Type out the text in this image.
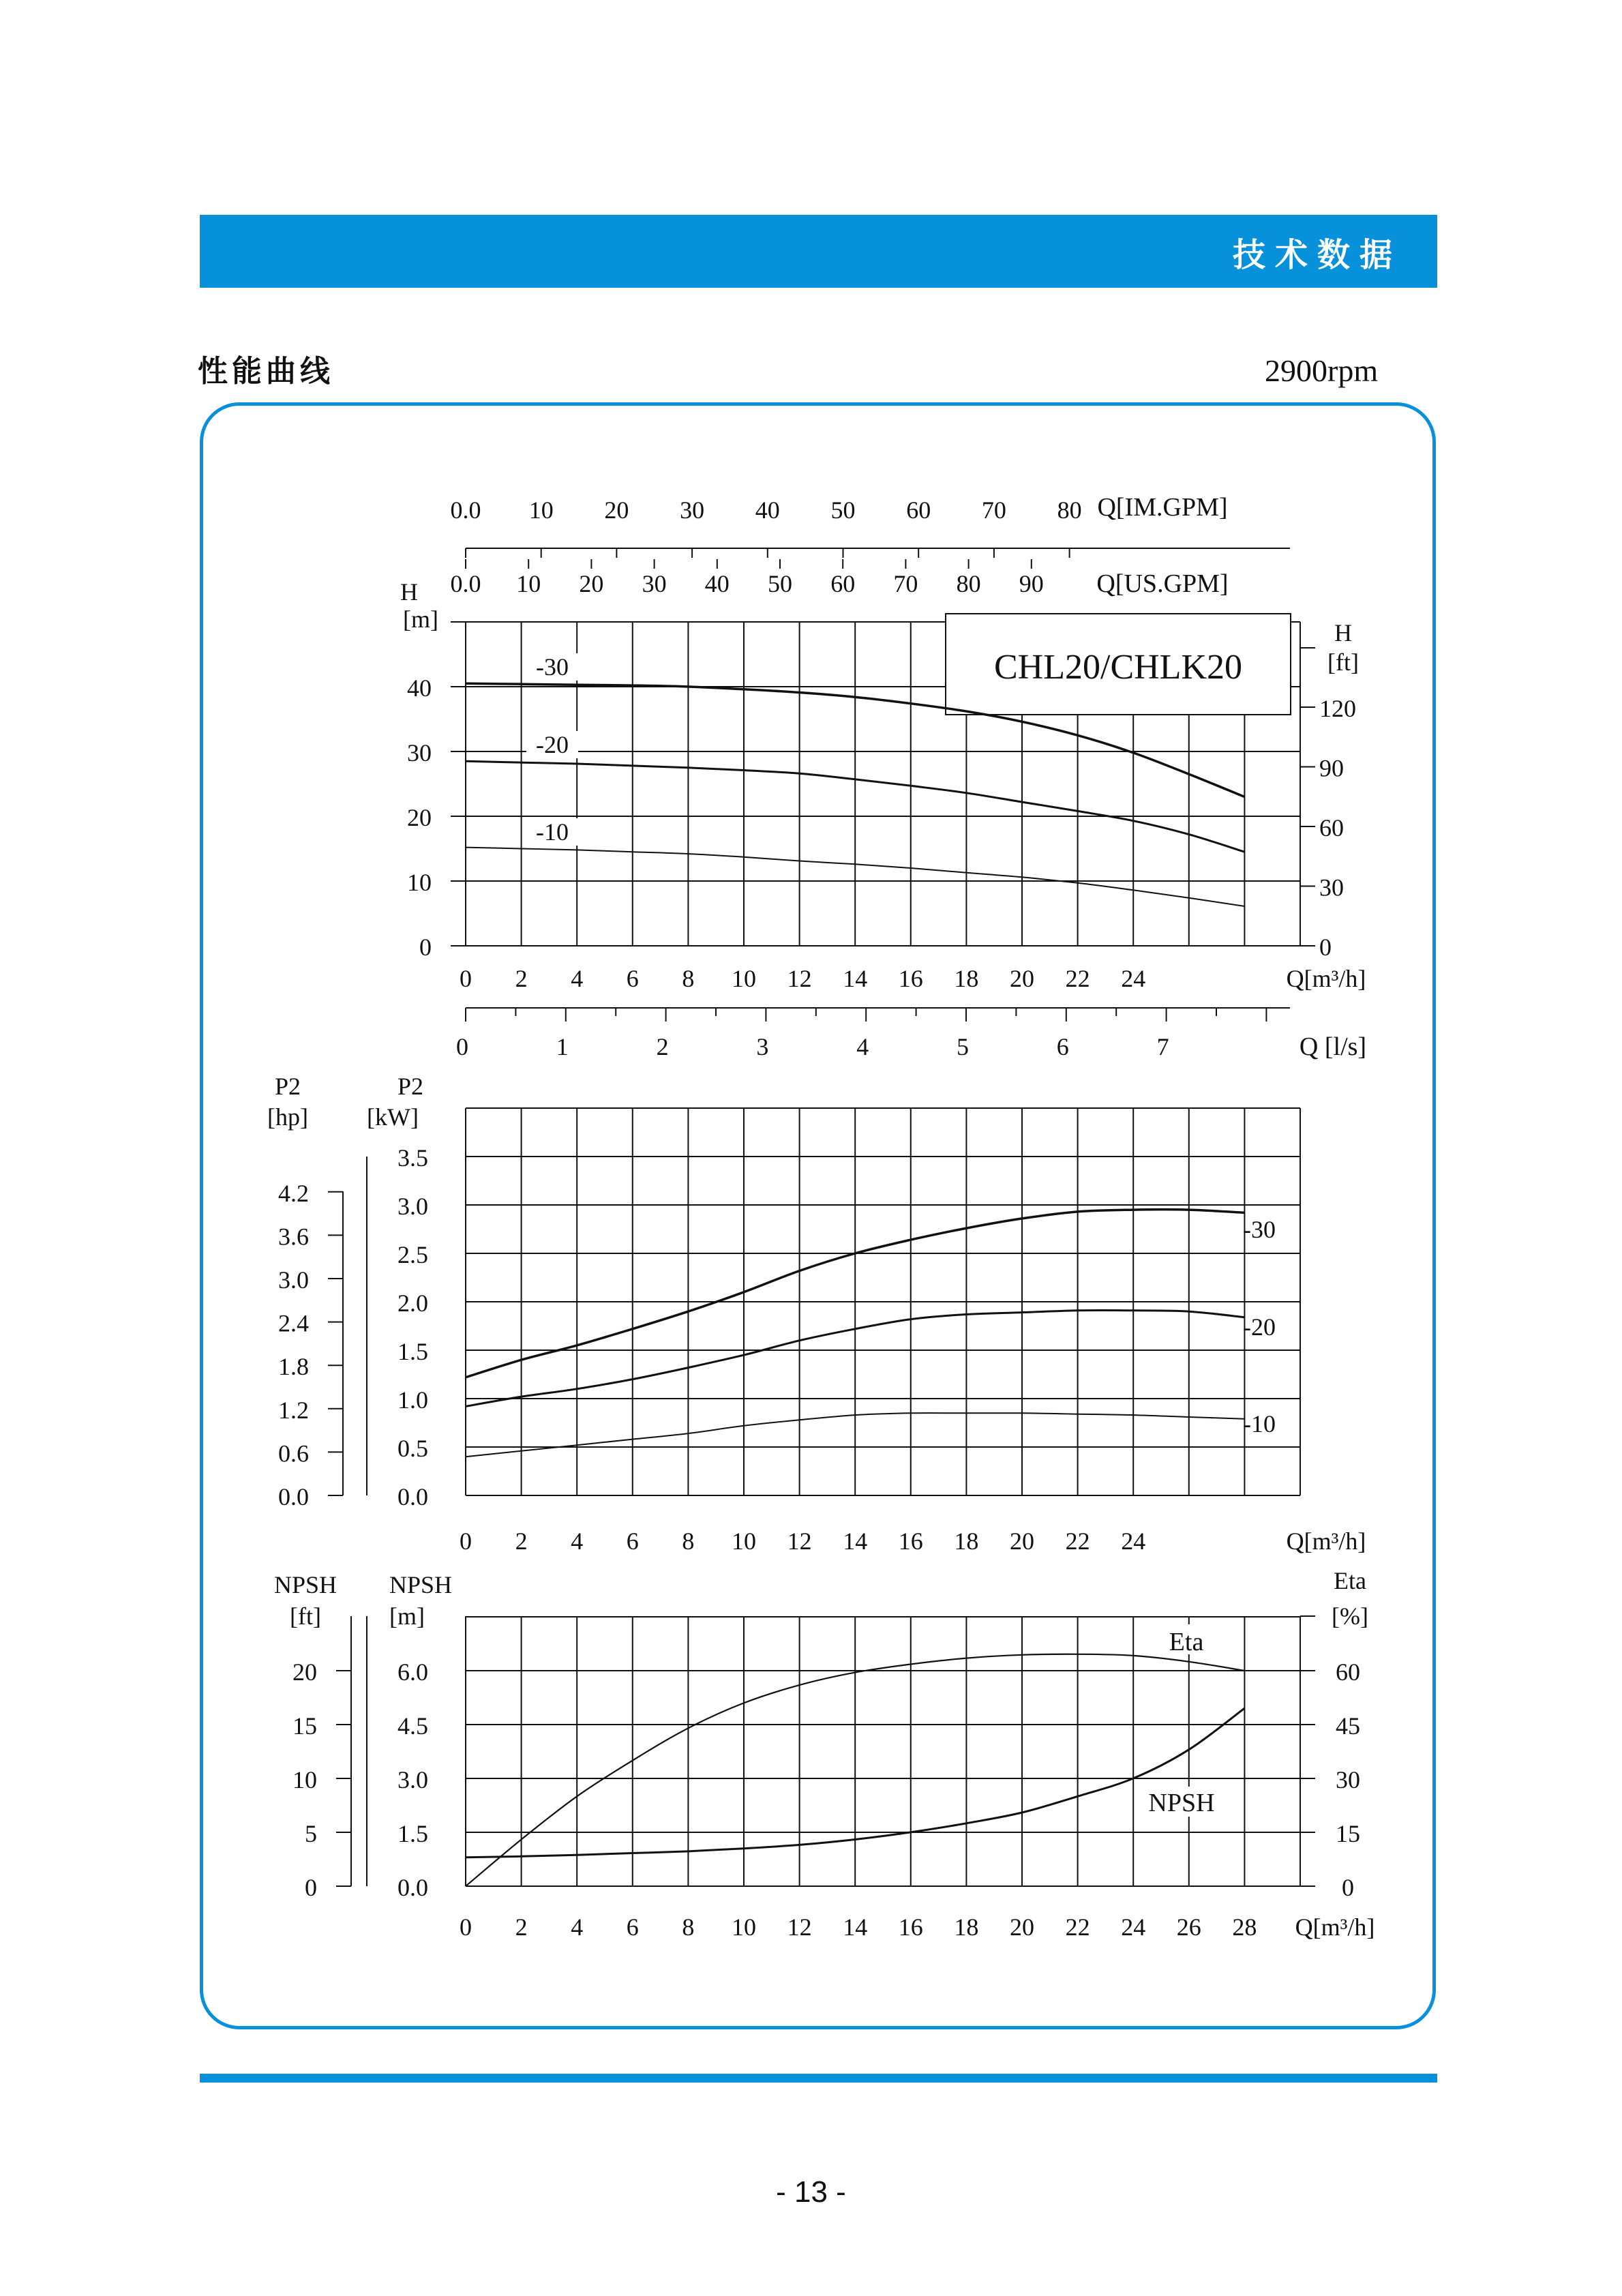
技术数据
性能曲线	2900rpm
0
10
20
30
40
0
30
60
90
120
H
[m]	H
[ft]
0 2 4 6 8 10 12 14 16 18 20 22 24	Q[m³/h]
0.0 10 20 30 40 50 60 70 80 Q[IM.GPM]
0.0 10 20 30 40 50 60 70 80 90 Q[US.GPM]
0	1	2	3	4	5	6	7	Q [l/s]
CHL20/CHLK20
-30
-20
-10
0.0
0.5
1.0
1.5
2.0
2.5
3.0
3.5
P2
[kW]
0.0
0.6
1.2
1.8
2.4
3.0
3.6
4.2
P2
[hp]
0 2 4 6 8 10 12 14 16 18 20 22 24	Q[m³/h]
-30
-20
-10
0.0
1.5
3.0
4.5
6.0
NPSH
[m]
0
5
10
15
20
NPSH
[ft]
0
15
30
45
60
Eta
[%]
0 2 4 6 8 10 12 14 16 18 20 22 24 26 28 Q[m³/h]
Eta
NPSH
- 13 -
